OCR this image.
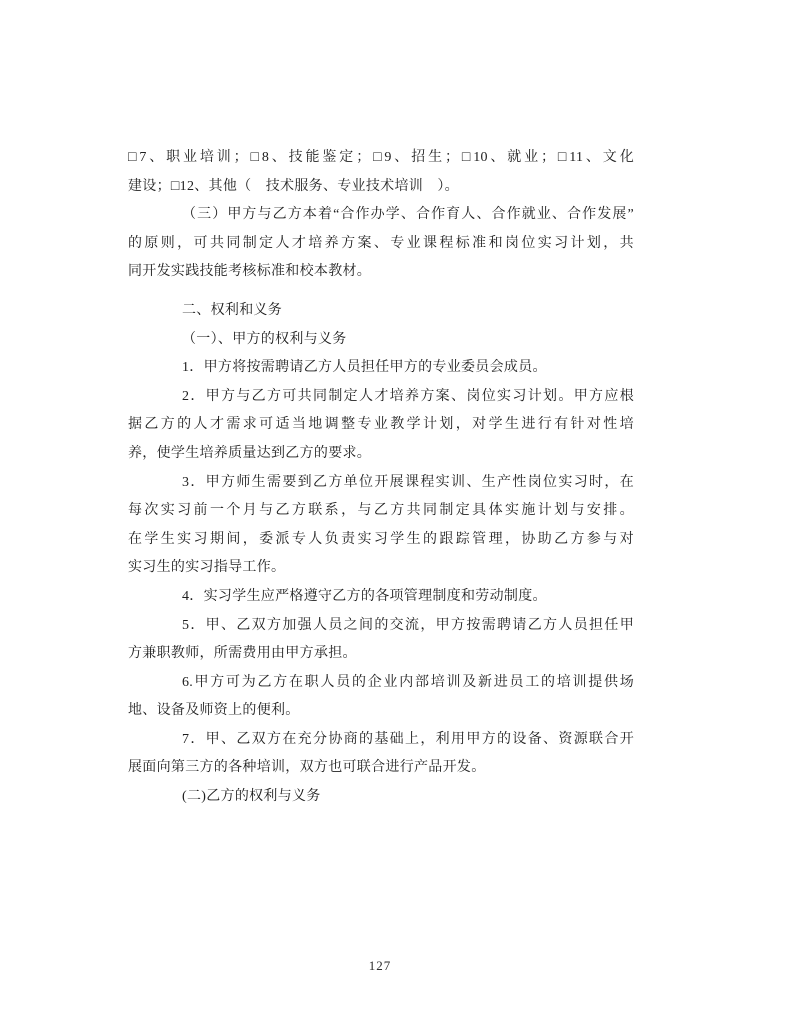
□7、职业培训；□8、技能鉴定；□9、招生；□10、就业；□11、文化
建设；□12、其他（　技术服务、专业技术培训　）。
（三）甲方与乙方本着“合作办学、合作育人、合作就业、合作发展”
的原则，可共同制定人才培养方案、专业课程标准和岗位实习计划，共
同开发实践技能考核标准和校本教材。
二、权利和义务
（一）、甲方的权利与义务
1．甲方将按需聘请乙方人员担任甲方的专业委员会成员。
2．甲方与乙方可共同制定人才培养方案、岗位实习计划。甲方应根
据乙方的人才需求可适当地调整专业教学计划，对学生进行有针对性培
养，使学生培养质量达到乙方的要求。
3．甲方师生需要到乙方单位开展课程实训、生产性岗位实习时，在
每次实习前一个月与乙方联系，与乙方共同制定具体实施计划与安排。
在学生实习期间，委派专人负责实习学生的跟踪管理，协助乙方参与对
实习生的实习指导工作。
4．实习学生应严格遵守乙方的各项管理制度和劳动制度。
5．甲、乙双方加强人员之间的交流，甲方按需聘请乙方人员担任甲
方兼职教师，所需费用由甲方承担。
6.甲方可为乙方在职人员的企业内部培训及新进员工的培训提供场
地、设备及师资上的便利。
7．甲、乙双方在充分协商的基础上，利用甲方的设备、资源联合开
展面向第三方的各种培训，双方也可联合进行产品开发。
(二)乙方的权利与义务
127
